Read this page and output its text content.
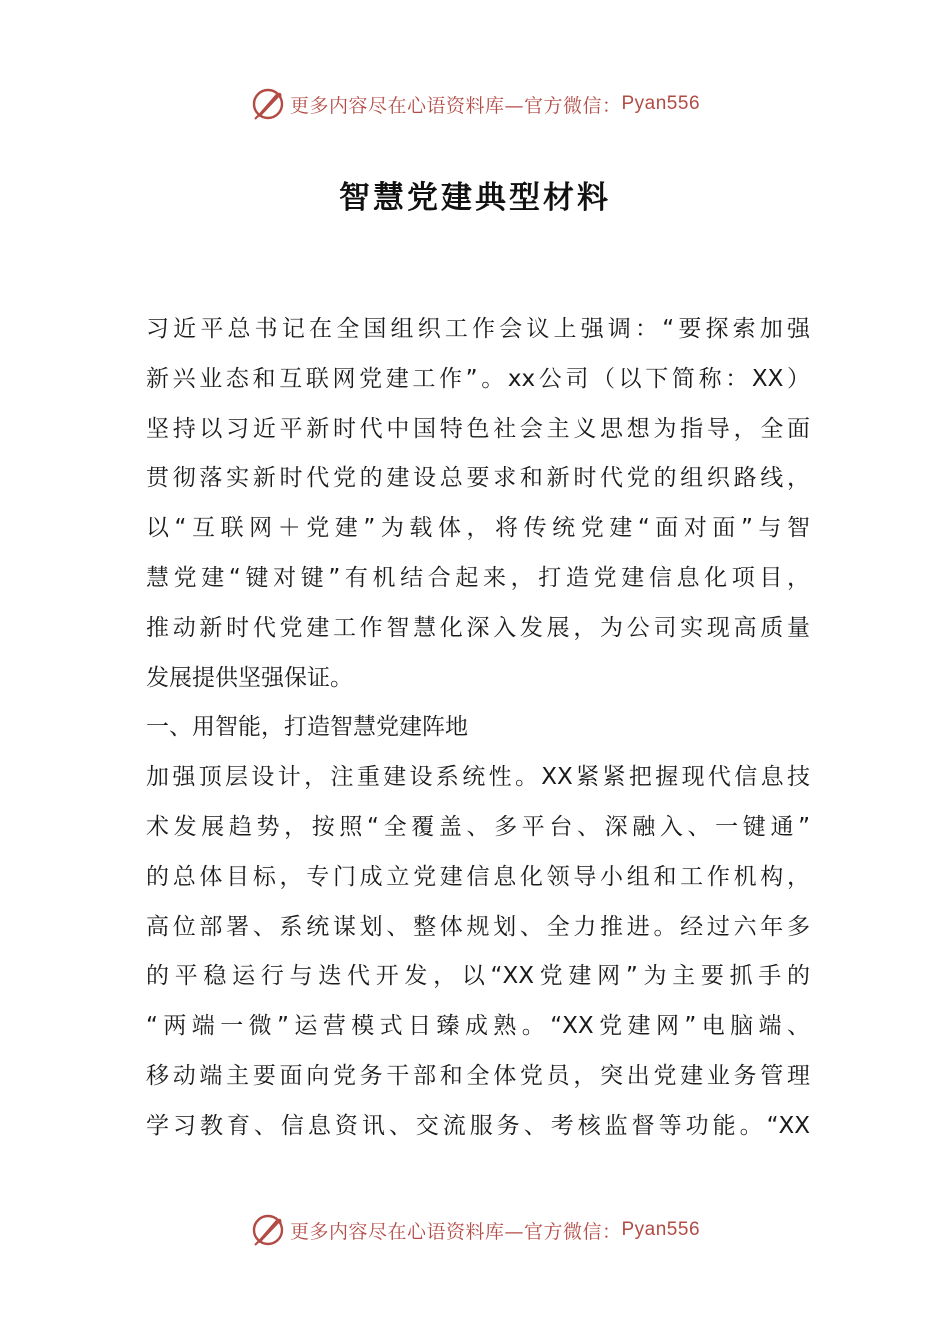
更多内容尽在心语资料库—官方微信： Pyan556
智慧党建典型材料
习近平总书记在全国组织工作会议上强调：“要探索加强
新兴业态和互联网党建工作”。xx公司（以下简称：XX）
坚持以习近平新时代中国特色社会主义思想为指导，全面
贯彻落实新时代党的建设总要求和新时代党的组织路线，
以“互联网＋党建”为载体，将传统党建“面对面”与智
慧党建“键对键”有机结合起来，打造党建信息化项目，
推动新时代党建工作智慧化深入发展，为公司实现高质量
发展提供坚强保证。
一、用智能，打造智慧党建阵地
加强顶层设计，注重建设系统性。XX紧紧把握现代信息技
术发展趋势，按照“全覆盖、多平台、深融入、一键通”
的总体目标，专门成立党建信息化领导小组和工作机构，
高位部署、系统谋划、整体规划、全力推进。经过六年多
的平稳运行与迭代开发，以“XX党建网”为主要抓手的
“两端一微”运营模式日臻成熟。“XX党建网”电脑端、
移动端主要面向党务干部和全体党员，突出党建业务管理
学习教育、信息资讯、交流服务、考核监督等功能。“XX
更多内容尽在心语资料库—官方微信： Pyan556
